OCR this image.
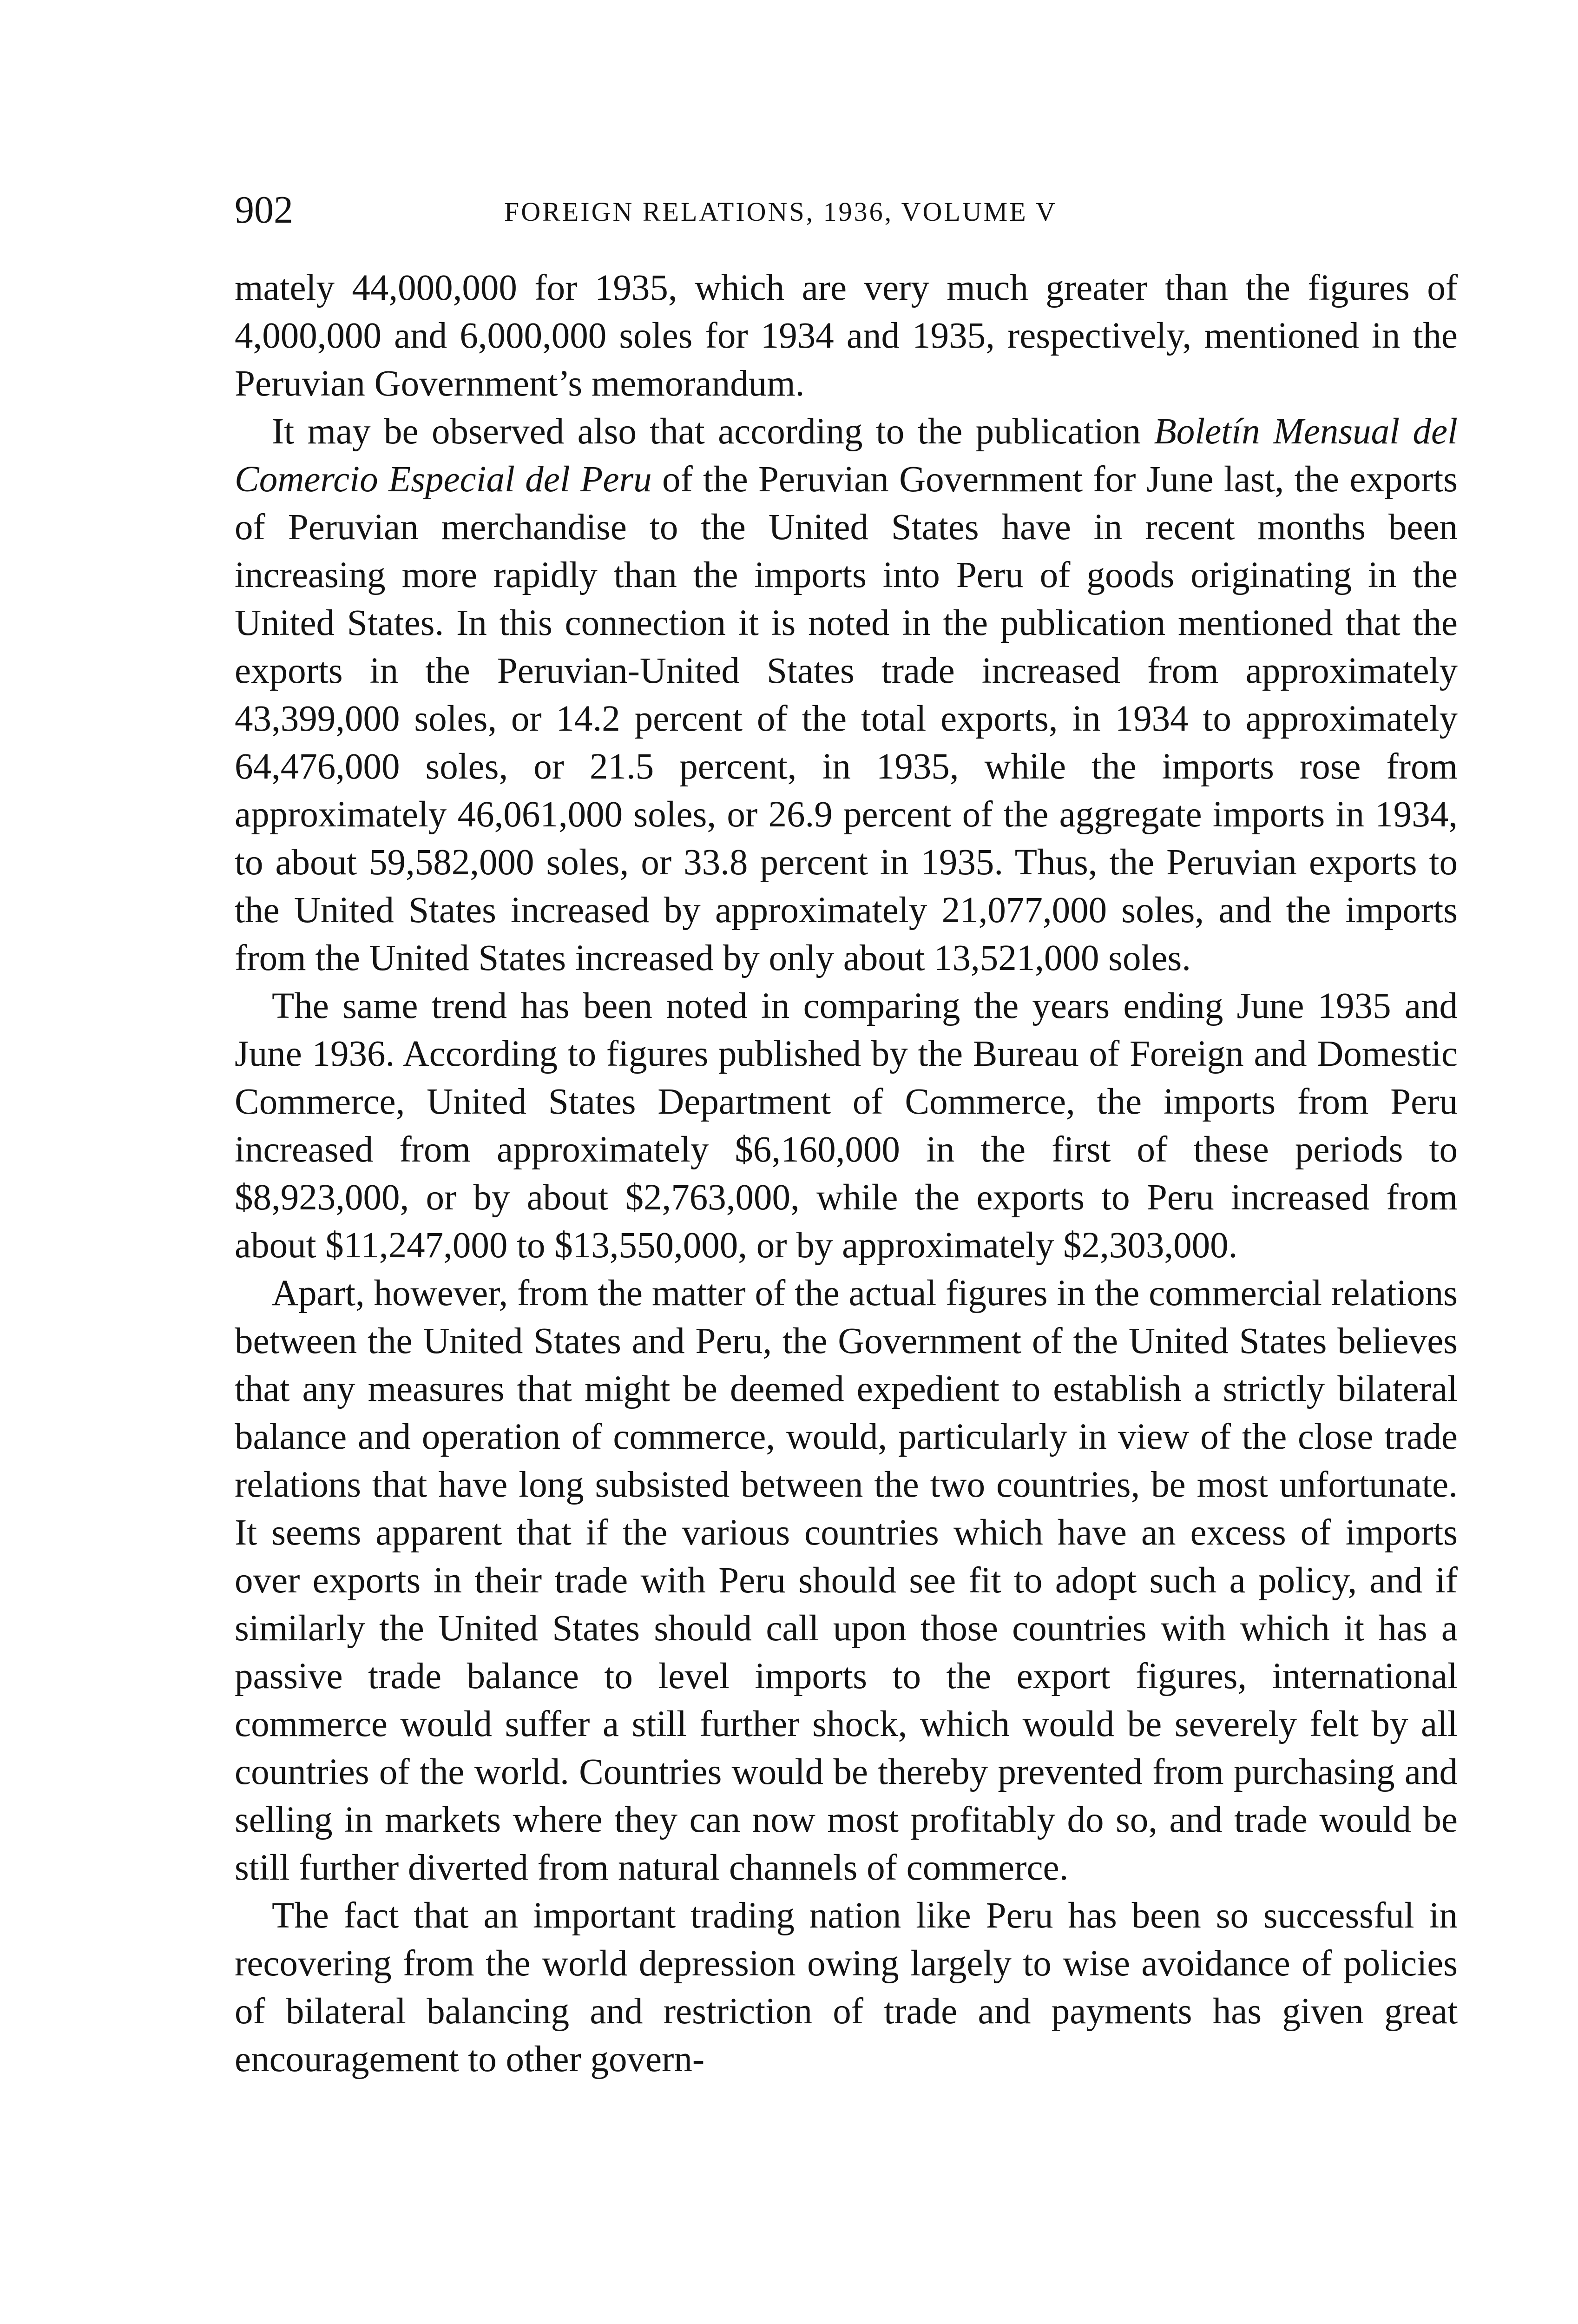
902	FOREIGN RELATIONS, 1936, VOLUME V

mately 44,000,000 for 1935, which are very much greater than the figures of 4,000,000 and 6,000,000 soles for 1934 and 1935, respectively, mentioned in the Peruvian Government’s memorandum.

It may be observed also that according to the publication Boletín Mensual del Comercio Especial del Peru of the Peruvian Government for June last, the exports of Peruvian merchandise to the United States have in recent months been increasing more rapidly than the imports into Peru of goods originating in the United States. In this connection it is noted in the publication mentioned that the exports in the Peruvian-United States trade increased from approximately 43,399,000 soles, or 14.2 percent of the total exports, in 1934 to approximately 64,476,000 soles, or 21.5 percent, in 1935, while the imports rose from approximately 46,061,000 soles, or 26.9 percent of the aggregate imports in 1934, to about 59,582,000 soles, or 33.8 percent in 1935. Thus, the Peruvian exports to the United States increased by approximately 21,077,000 soles, and the imports from the United States increased by only about 13,521,000 soles.

The same trend has been noted in comparing the years ending June 1935 and June 1936. According to figures published by the Bureau of Foreign and Domestic Commerce, United States Department of Commerce, the imports from Peru increased from approximately $6,160,000 in the first of these periods to $8,923,000, or by about $2,763,000, while the exports to Peru increased from about $11,247,000 to $13,550,000, or by approximately $2,303,000.

Apart, however, from the matter of the actual figures in the commercial relations between the United States and Peru, the Government of the United States believes that any measures that might be deemed expedient to establish a strictly bilateral balance and operation of commerce, would, particularly in view of the close trade relations that have long subsisted between the two countries, be most unfortunate. It seems apparent that if the various countries which have an excess of imports over exports in their trade with Peru should see fit to adopt such a policy, and if similarly the United States should call upon those countries with which it has a passive trade balance to level imports to the export figures, international commerce would suffer a still further shock, which would be severely felt by all countries of the world. Countries would be thereby prevented from purchasing and selling in markets where they can now most profitably do so, and trade would be still further diverted from natural channels of commerce.

The fact that an important trading nation like Peru has been so successful in recovering from the world depression owing largely to wise avoidance of policies of bilateral balancing and restriction of trade and payments has given great encouragement to other govern-
